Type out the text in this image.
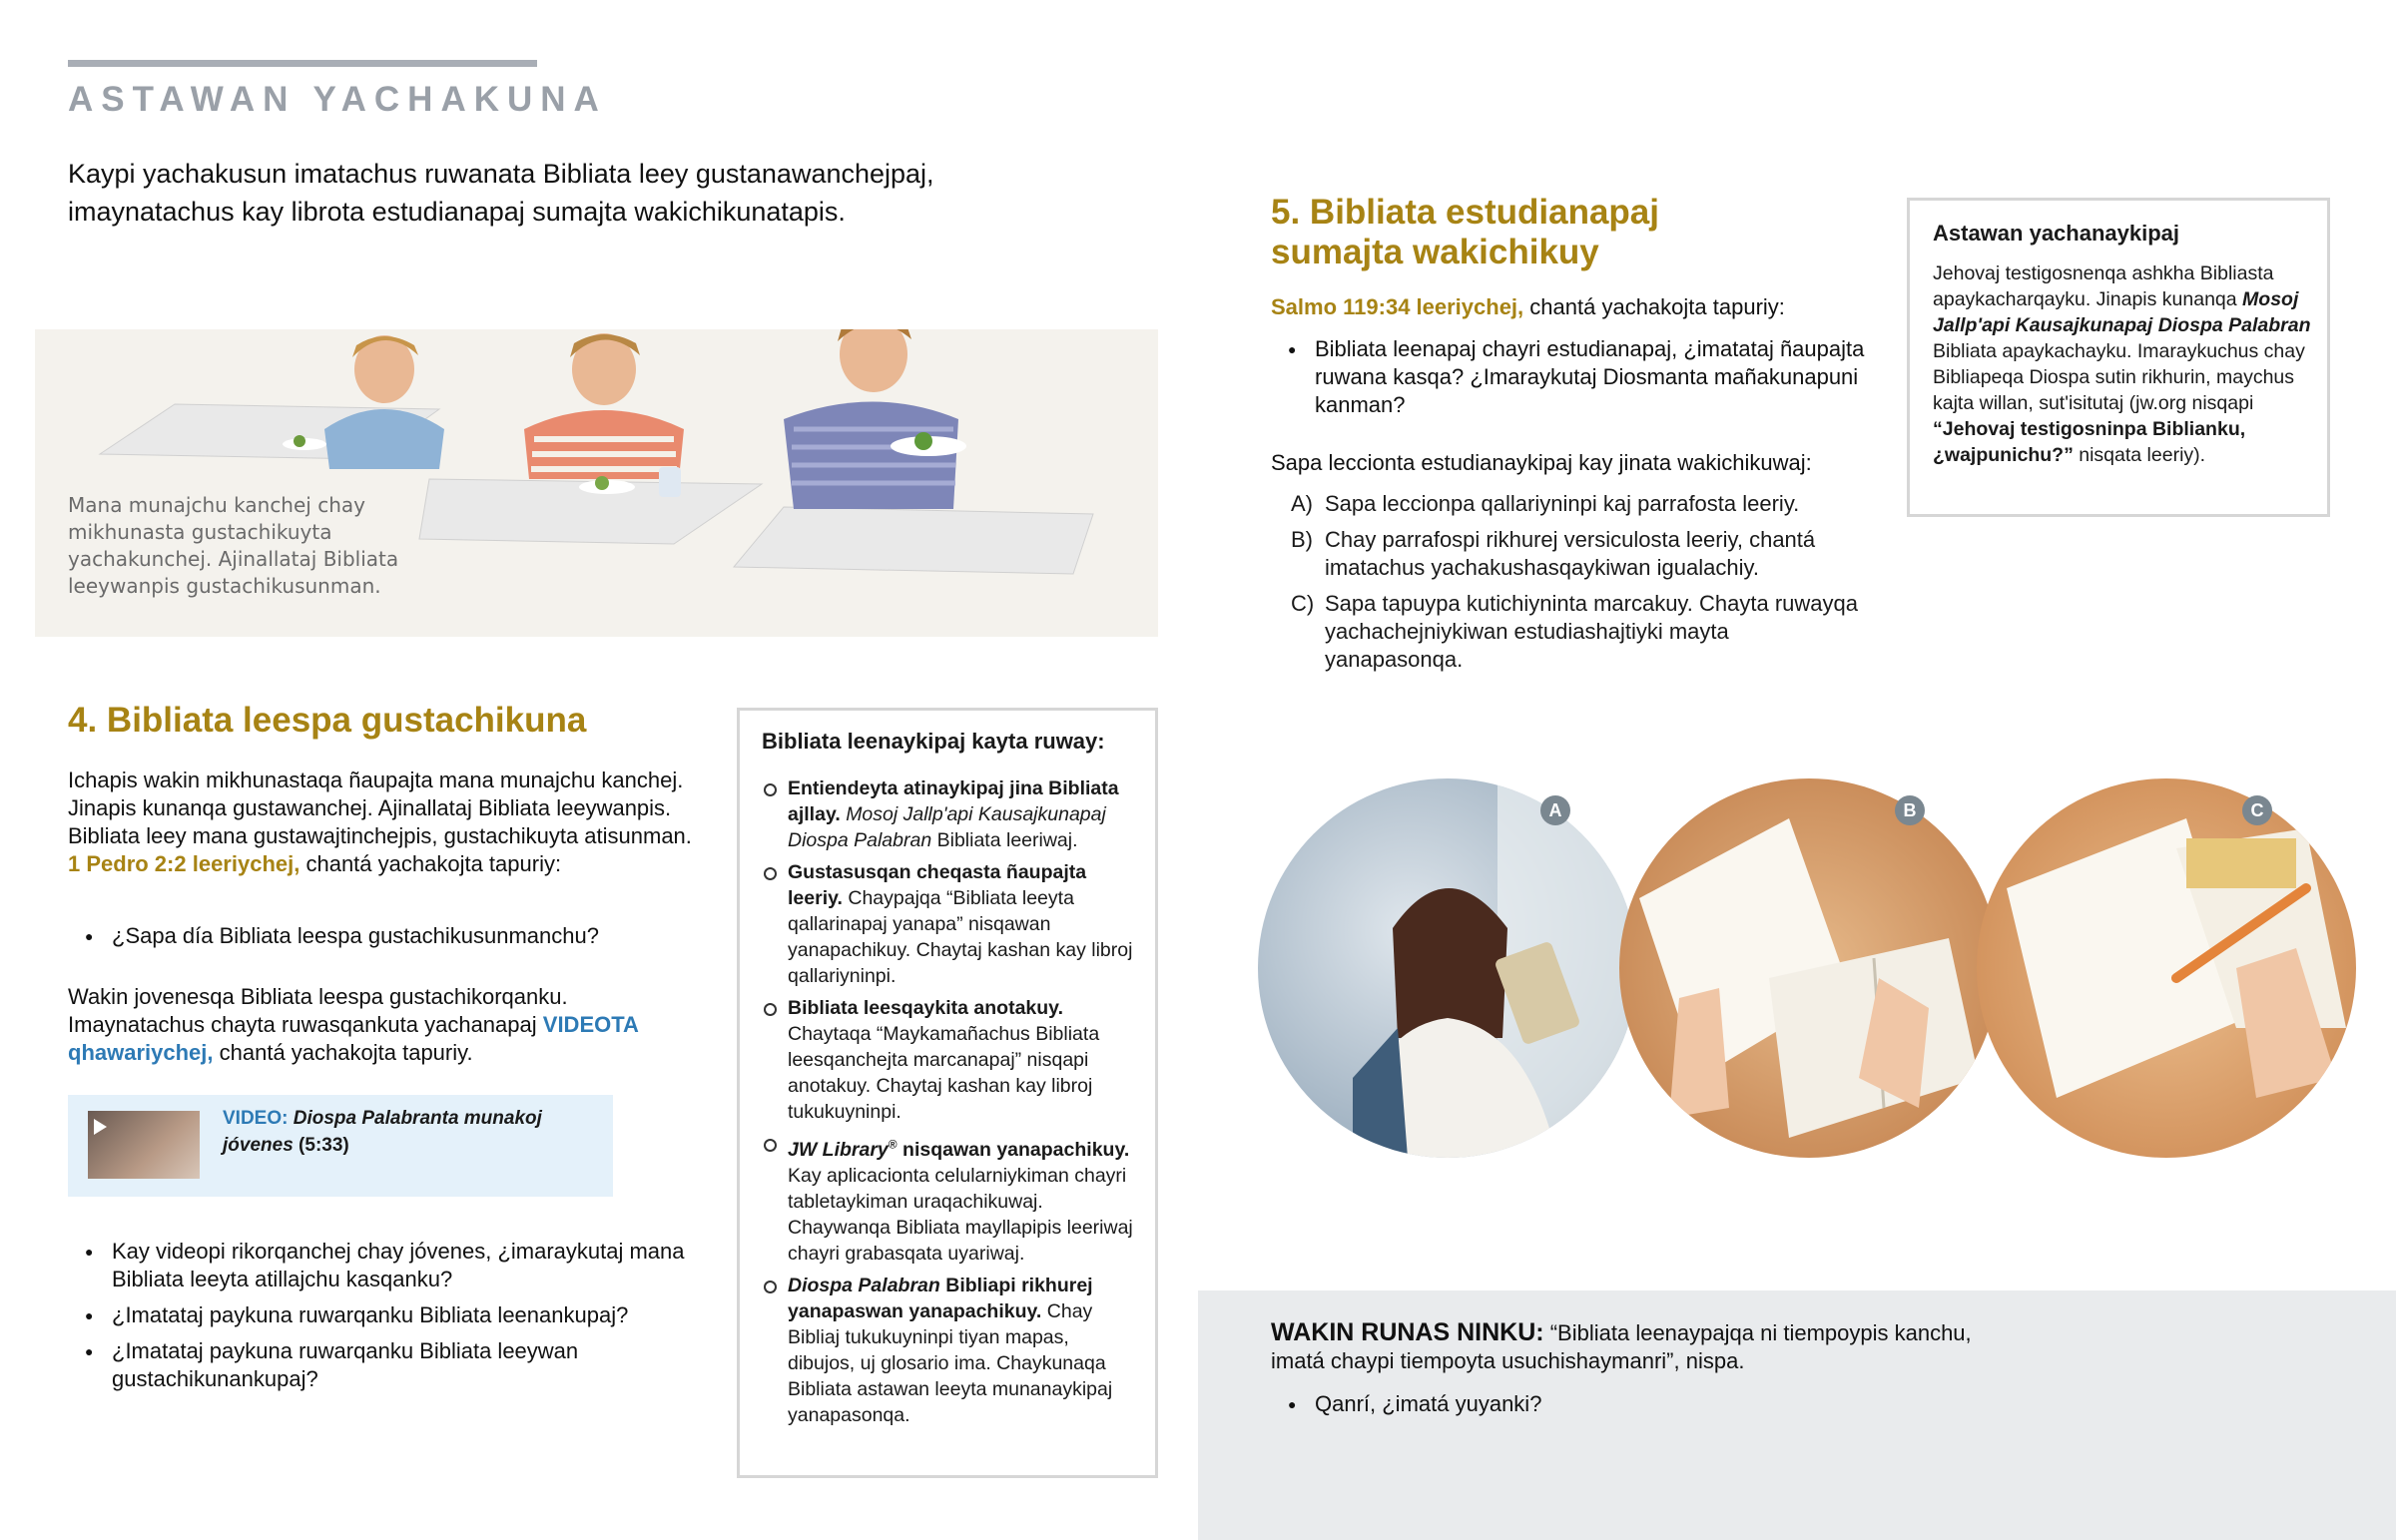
ASTAWAN YACHAKUNA
Kaypi yachakusun imatachus ruwanata Bibliata leey gustanawanchejpaj, imaynatachus kay librota estudianapaj sumajta wakichikunatapis.
Mana munajchu kanchej chay mikhunasta gustachikuyta yachakunchej. Ajinallataj Bibliata leeywanpis gustachikusunman.
4. Bibliata leespa gustachikuna
Ichapis wakin mikhunastaqa ñaupajta mana munajchu kanchej. Jinapis kunanqa gustawanchej. Ajinallataj Bibliata leeywanpis. Bibliata leey mana gustawajtinchejpis, gustachikuyta atisunman. 1 Pedro 2:2 leeriychej, chantá yachakojta tapuriy:
● ¿Sapa día Bibliata leespa gustachikusunmanchu?
Wakin jovenesqa Bibliata leespa gustachikorqanku. Imaynatachus chayta ruwasqankuta yachanapaj VIDEOTA qhawariychej, chantá yachakojta tapuriy.
VIDEO: Diospa Palabranta munakoj jóvenes (5:33)
● Kay videopi rikorqanchej chay jóvenes, ¿imaraykutaj mana Bibliata leeyta atillajchu kasqanku?
● ¿Imatataj paykuna ruwarqanku Bibliata leenankupaj?
● ¿Imatataj paykuna ruwarqanku Bibliata leeywan gustachikunankupaj?
Bibliata leenaykipaj kayta ruway:
Entiendeyta atinaykipaj jina Bibliata ajllay. Mosoj Jallp'api Kausajkunapaj Diospa Palabran Bibliata leeriwaj.
Gustasusqan cheqasta ñaupajta leeriy. Chaypajqa “Bibliata leeyta qallarinapaj yanapa” nisqawan yanapachikuy. Chaytaj kashan kay libroj qallariyninpi.
Bibliata leesqaykita anotakuy. Chaytaqa “Maykamañachus Bibliata leesqanchejta marcanapaj” nisqapi anotakuy. Chaytaj kashan kay libroj tukukuyninpi.
JW Library® nisqawan yanapachikuy. Kay aplicacionta celularniykiman chayri tabletaykiman uraqachikuwaj. Chaywanqa Bibliata mayllapipis leeriwaj chayri grabasqata uyariwaj.
Diospa Palabran Bibliapi rikhurej yanapaswan yanapachikuy. Chay Bibliaj tukukuyninpi tiyan mapas, dibujos, uj glosario ima. Chaykunaqa Bibliata astawan leeyta munanaykipaj yanapasonqa.
5. Bibliata estudianapaj
sumajta wakichikuy
Salmo 119:34 leeriychej, chantá yachakojta tapuriy:
● Bibliata leenapaj chayri estudianapaj, ¿imatataj ñaupajta ruwana kasqa? ¿Imaraykutaj Diosmanta mañakunapuni kanman?
Sapa leccionta estudianaykipaj kay jinata wakichikuwaj:
A) Sapa leccionpa qallariyninpi kaj parrafosta leeriy.
B) Chay parrafospi rikhurej versiculosta leeriy, chantá imatachus yachakushasqaykiwan igualachiy.
C) Sapa tapuypa kutichiyninta marcakuy. Chayta ruwayqa yachachejniykiwan estudiashajtiyki mayta yanapasonqa.
Astawan yachanaykipaj

Jehovaj testigosnenqa ashkha Bibliasta apaykacharqayku. Jinapis kunanqa Mosoj Jallp'api Kausajkunapaj Diospa Palabran Bibliata apaykachayku. Imaraykuchus chay Bibliapeqa Diospa sutin rikhurin, maychus kajta willan, sut'isitutaj (jw.org nisqapi “Jehovaj testigosninpa Biblianku, ¿wajpunichu?” nisqata leeriy).

A	B	C
WAKIN RUNAS NINKU: “Bibliata leenaypajqa ni tiempoypis kanchu, imatá chaypi tiempoyta usuchishaymanri”, nispa.
● Qanrí, ¿imatá yuyanki?
